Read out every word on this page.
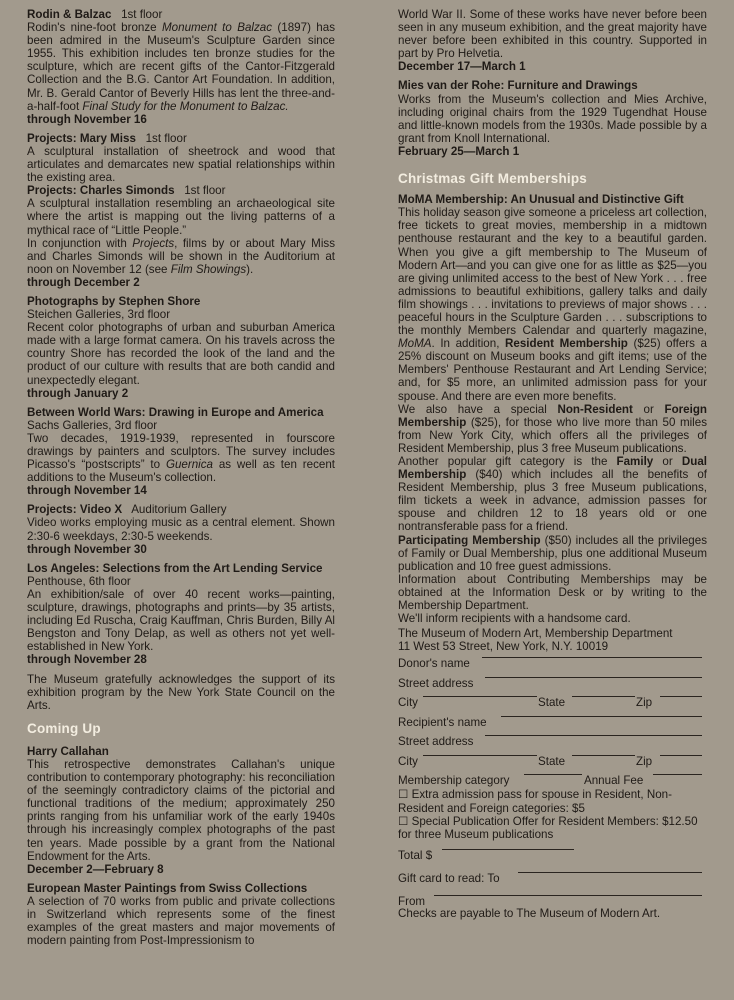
Rodin & Balzac 1st floor
Rodin's nine-foot bronze Monument to Balzac (1897) has been admired in the Museum's Sculpture Garden since 1955. This exhibition includes ten bronze studies for the sculpture, which are recent gifts of the Cantor-Fitzgerald Collection and the B.G. Cantor Art Foundation. In addition, Mr. B. Gerald Cantor of Beverly Hills has lent the three-and-a-half-foot Final Study for the Monument to Balzac.
through November 16

Projects: Mary Miss 1st floor
A sculptural installation of sheetrock and wood that articulates and demarcates new spatial relationships within the existing area.

Projects: Charles Simonds 1st floor
A sculptural installation resembling an archaeological site where the artist is mapping out the living patterns of a mythical race of “Little People.”
In conjunction with Projects, films by or about Mary Miss and Charles Simonds will be shown in the Auditorium at noon on November 12 (see Film Showings).
through December 2

Photographs by Stephen Shore
Steichen Galleries, 3rd floor
Recent color photographs of urban and suburban America made with a large format camera. On his travels across the country Shore has recorded the look of the land and the product of our culture with results that are both candid and unexpectedly elegant.
through January 2

Between World Wars: Drawing in Europe and America
Sachs Galleries, 3rd floor
Two decades, 1919-1939, represented in fourscore drawings by painters and sculptors. The survey includes Picasso's “postscripts” to Guernica as well as ten recent additions to the Museum's collection.
through November 14

Projects: Video X Auditorium Gallery
Video works employing music as a central element. Shown 2:30-6 weekdays, 2:30-5 weekends.
through November 30

Los Angeles: Selections from the Art Lending Service
Penthouse, 6th floor
An exhibition/sale of over 40 recent works—painting, sculpture, drawings, photographs and prints—by 35 artists, including Ed Ruscha, Craig Kauffman, Chris Burden, Billy Al Bengston and Tony Delap, as well as others not yet well-established in New York.
through November 28

The Museum gratefully acknowledges the support of its exhibition program by the New York State Council on the Arts.

Coming Up

Harry Callahan
This retrospective demonstrates Callahan's unique contribution to contemporary photography: his reconciliation of the seemingly contradictory claims of the pictorial and functional traditions of the medium; approximately 250 prints ranging from his unfamiliar work of the early 1940s through his increasingly complex photographs of the past ten years. Made possible by a grant from the National Endowment for the Arts.
December 2—February 8

European Master Paintings from Swiss Collections
A selection of 70 works from public and private collections in Switzerland which represents some of the finest examples of the great masters and major movements of modern painting from Post-Impressionism to

World War II. Some of these works have never before been seen in any museum exhibition, and the great majority have never before been exhibited in this country. Supported in part by Pro Helvetia.
December 17—March 1

Mies van der Rohe: Furniture and Drawings
Works from the Museum's collection and Mies Archive, including original chairs from the 1929 Tugendhat House and little-known models from the 1930s. Made possible by a grant from Knoll International.
February 25—March 1

Christmas Gift Memberships

MoMA Membership: An Unusual and Distinctive Gift
This holiday season give someone a priceless art collection, free tickets to great movies, membership in a midtown penthouse restaurant and the key to a beautiful garden. When you give a gift membership to The Museum of Modern Art—and you can give one for as little as $25—you are giving unlimited access to the best of New York . . . free admissions to beautiful exhibitions, gallery talks and daily film showings . . . invitations to previews of major shows . . . peaceful hours in the Sculpture Garden . . . subscriptions to the monthly Members Calendar and quarterly magazine, MoMA. In addition, Resident Membership ($25) offers a 25% discount on Museum books and gift items; use of the Members' Penthouse Restaurant and Art Lending Service; and, for $5 more, an unlimited admission pass for your spouse. And there are even more benefits.
We also have a special Non-Resident or Foreign Membership ($25), for those who live more than 50 miles from New York City, which offers all the privileges of Resident Membership, plus 3 free Museum publications.
Another popular gift category is the Family or Dual Membership ($40) which includes all the benefits of Resident Membership, plus 3 free Museum publications, film tickets a week in advance, admission passes for spouse and children 12 to 18 years old or one nontransferable pass for a friend.
Participating Membership ($50) includes all the privileges of Family or Dual Membership, plus one additional Museum publication and 10 free guest admissions.
Information about Contributing Memberships may be obtained at the Information Desk or by writing to the Membership Department.
We'll inform recipients with a handsome card.

The Museum of Modern Art, Membership Department
11 West 53 Street, New York, N.Y. 10019

Donor's name
Street address
City	State	Zip
Recipient's name
Street address
City	State	Zip
Membership category	Annual Fee

☐ Extra admission pass for spouse in Resident, Non-Resident and Foreign categories: $5

☐ Special Publication Offer for Resident Members: $12.50 for three Museum publications

Total $
Gift card to read: To
From

Checks are payable to The Museum of Modern Art.
